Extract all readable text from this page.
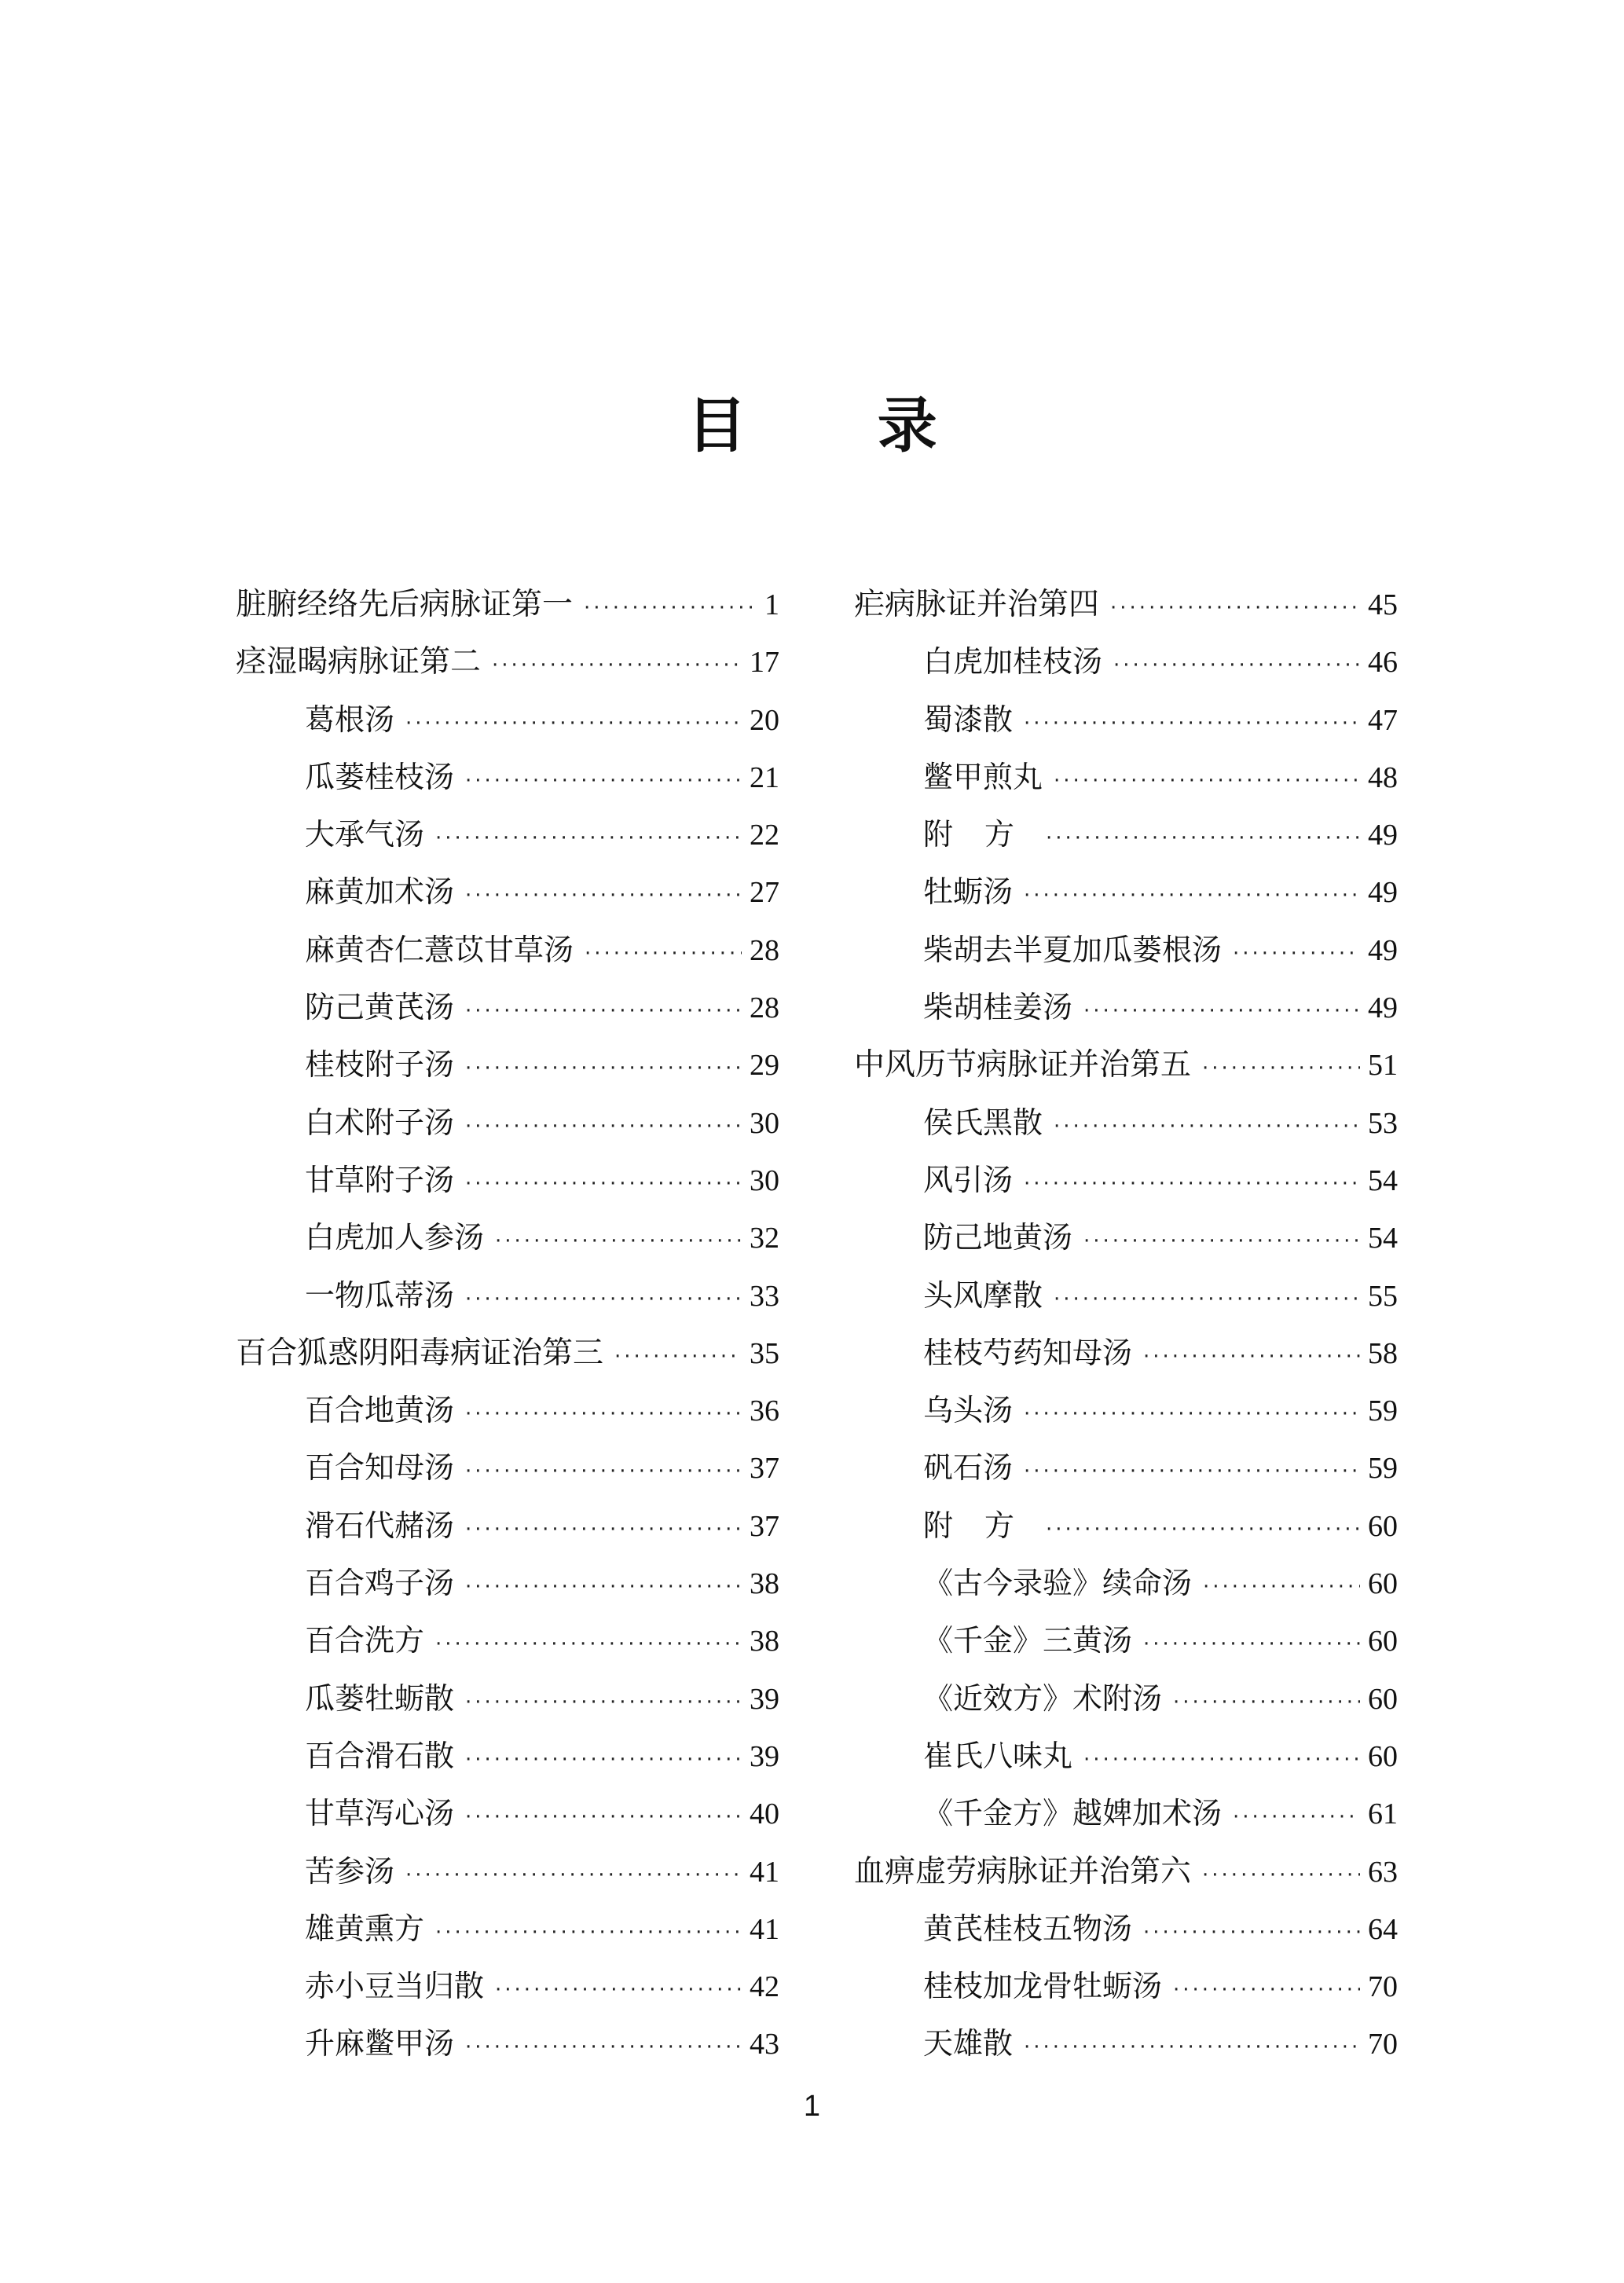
目 录
脏腑经络先后病脉证第一 ·····	1
痉湿暍病脉证第二 ·····	17
葛根汤 ·····	20
瓜蒌桂枝汤 ·····	21
大承气汤 ·····	22
麻黄加术汤 ·····	27
麻黄杏仁薏苡甘草汤 ·····	28
防己黄芪汤 ·····	28
桂枝附子汤 ·····	29
白术附子汤 ·····	30
甘草附子汤 ·····	30
白虎加人参汤 ·····	32
一物瓜蒂汤 ·····	33
百合狐惑阴阳毒病证治第三 ·····	35
百合地黄汤 ·····	36
百合知母汤 ·····	37
滑石代赭汤 ·····	37
百合鸡子汤 ·····	38
百合洗方 ·····	38
瓜蒌牡蛎散 ·····	39
百合滑石散 ·····	39
甘草泻心汤 ·····	40
苦参汤 ·····	41
雄黄熏方 ·····	41
赤小豆当归散 ·····	42
升麻鳖甲汤 ·····	43
疟病脉证并治第四 ·····	45
白虎加桂枝汤 ·····	46
蜀漆散 ·····	47
鳖甲煎丸 ·····	48
附方 ·····	49
牡蛎汤 ·····	49
柴胡去半夏加瓜蒌根汤 ·····	49
柴胡桂姜汤 ·····	49
中风历节病脉证并治第五 ·····	51
侯氏黑散 ·····	53
风引汤 ·····	54
防己地黄汤 ·····	54
头风摩散 ·····	55
桂枝芍药知母汤 ·····	58
乌头汤 ·····	59
矾石汤 ·····	59
附方 ·····	60
《古今录验》续命汤 ·····	60
《千金》三黄汤 ·····	60
《近效方》术附汤 ·····	60
崔氏八味丸 ·····	60
《千金方》越婢加术汤 ·····	61
血痹虚劳病脉证并治第六 ·····	63
黄芪桂枝五物汤 ·····	64
桂枝加龙骨牡蛎汤 ·····	70
天雄散 ·····	70
1
